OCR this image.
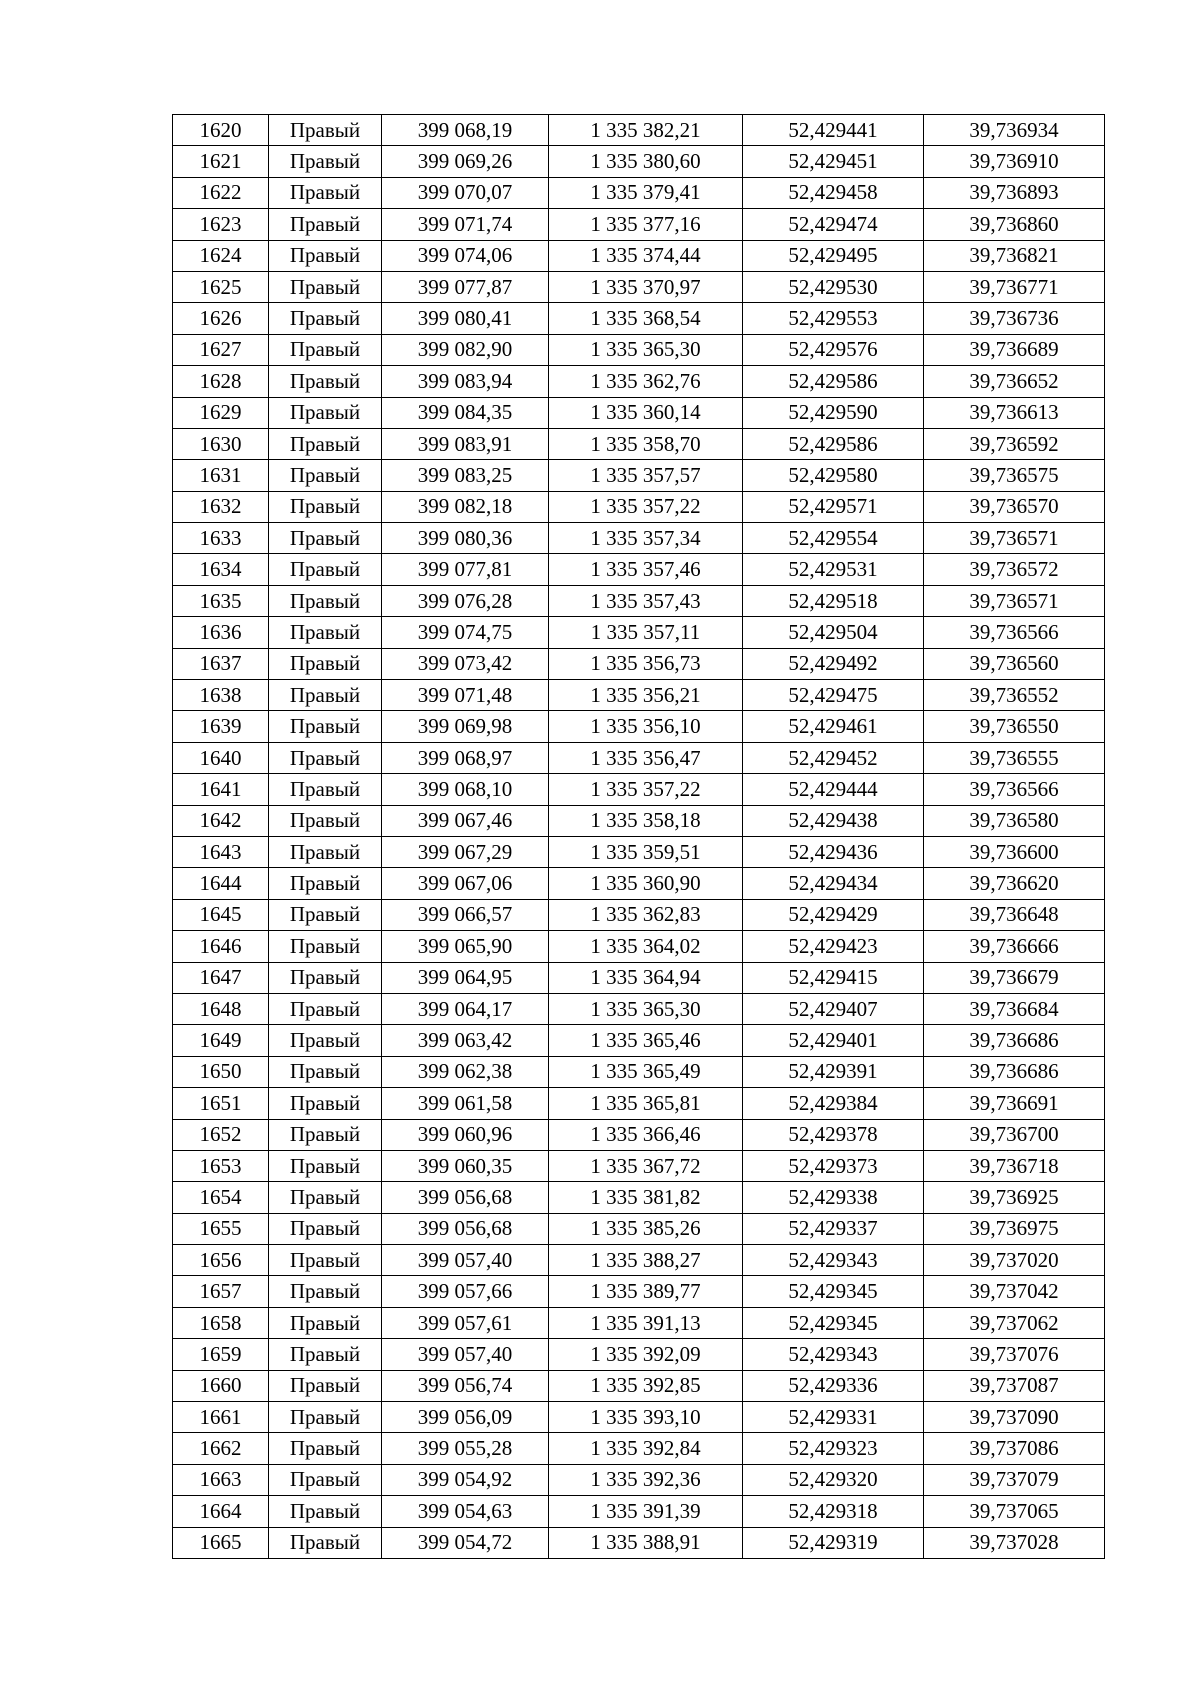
1620	Правый	399 068,19	1 335 382,21	52,429441	39,736934
1621	Правый	399 069,26	1 335 380,60	52,429451	39,736910
1622	Правый	399 070,07	1 335 379,41	52,429458	39,736893
1623	Правый	399 071,74	1 335 377,16	52,429474	39,736860
1624	Правый	399 074,06	1 335 374,44	52,429495	39,736821
1625	Правый	399 077,87	1 335 370,97	52,429530	39,736771
1626	Правый	399 080,41	1 335 368,54	52,429553	39,736736
1627	Правый	399 082,90	1 335 365,30	52,429576	39,736689
1628	Правый	399 083,94	1 335 362,76	52,429586	39,736652
1629	Правый	399 084,35	1 335 360,14	52,429590	39,736613
1630	Правый	399 083,91	1 335 358,70	52,429586	39,736592
1631	Правый	399 083,25	1 335 357,57	52,429580	39,736575
1632	Правый	399 082,18	1 335 357,22	52,429571	39,736570
1633	Правый	399 080,36	1 335 357,34	52,429554	39,736571
1634	Правый	399 077,81	1 335 357,46	52,429531	39,736572
1635	Правый	399 076,28	1 335 357,43	52,429518	39,736571
1636	Правый	399 074,75	1 335 357,11	52,429504	39,736566
1637	Правый	399 073,42	1 335 356,73	52,429492	39,736560
1638	Правый	399 071,48	1 335 356,21	52,429475	39,736552
1639	Правый	399 069,98	1 335 356,10	52,429461	39,736550
1640	Правый	399 068,97	1 335 356,47	52,429452	39,736555
1641	Правый	399 068,10	1 335 357,22	52,429444	39,736566
1642	Правый	399 067,46	1 335 358,18	52,429438	39,736580
1643	Правый	399 067,29	1 335 359,51	52,429436	39,736600
1644	Правый	399 067,06	1 335 360,90	52,429434	39,736620
1645	Правый	399 066,57	1 335 362,83	52,429429	39,736648
1646	Правый	399 065,90	1 335 364,02	52,429423	39,736666
1647	Правый	399 064,95	1 335 364,94	52,429415	39,736679
1648	Правый	399 064,17	1 335 365,30	52,429407	39,736684
1649	Правый	399 063,42	1 335 365,46	52,429401	39,736686
1650	Правый	399 062,38	1 335 365,49	52,429391	39,736686
1651	Правый	399 061,58	1 335 365,81	52,429384	39,736691
1652	Правый	399 060,96	1 335 366,46	52,429378	39,736700
1653	Правый	399 060,35	1 335 367,72	52,429373	39,736718
1654	Правый	399 056,68	1 335 381,82	52,429338	39,736925
1655	Правый	399 056,68	1 335 385,26	52,429337	39,736975
1656	Правый	399 057,40	1 335 388,27	52,429343	39,737020
1657	Правый	399 057,66	1 335 389,77	52,429345	39,737042
1658	Правый	399 057,61	1 335 391,13	52,429345	39,737062
1659	Правый	399 057,40	1 335 392,09	52,429343	39,737076
1660	Правый	399 056,74	1 335 392,85	52,429336	39,737087
1661	Правый	399 056,09	1 335 393,10	52,429331	39,737090
1662	Правый	399 055,28	1 335 392,84	52,429323	39,737086
1663	Правый	399 054,92	1 335 392,36	52,429320	39,737079
1664	Правый	399 054,63	1 335 391,39	52,429318	39,737065
1665	Правый	399 054,72	1 335 388,91	52,429319	39,737028
